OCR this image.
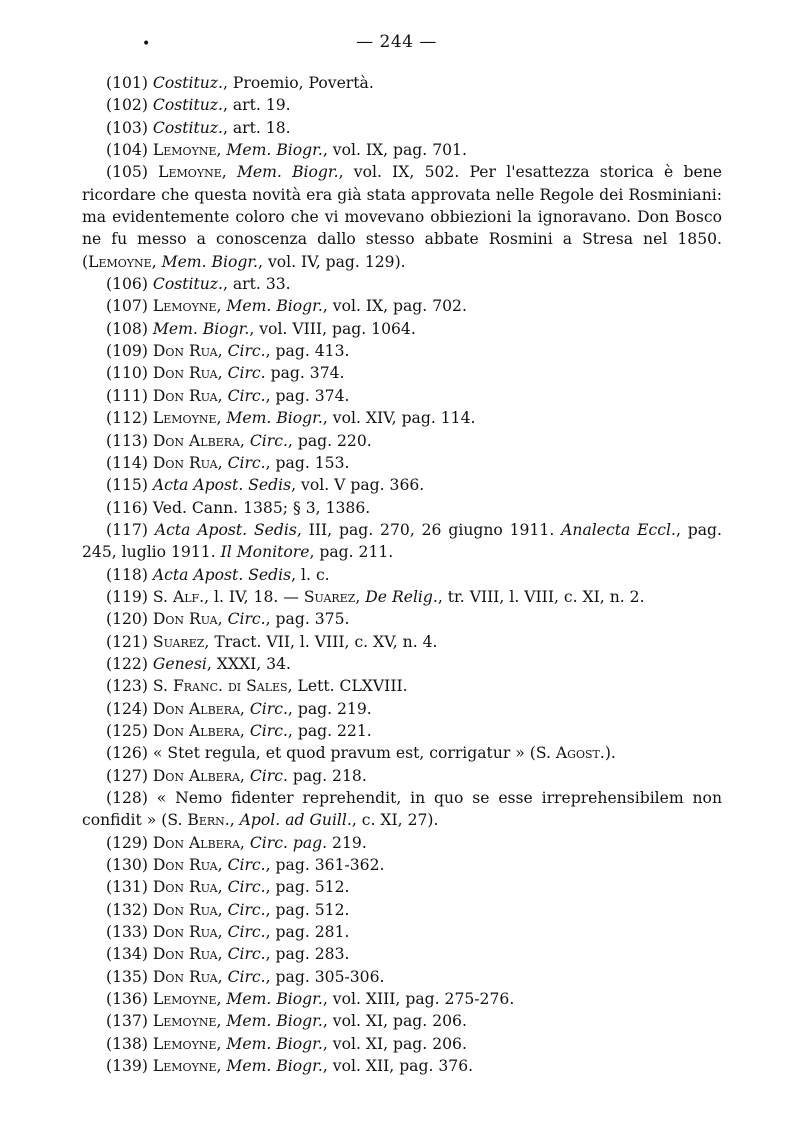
•	— 244 —

(101) Costituz., Proemio, Povertà.

(102) Costituz., art. 19.

(103) Costituz., art. 18.

(104) Lemoyne, Mem. Biogr., vol. IX, pag. 701.

(105) Lemoyne, Mem. Biogr., vol. IX, 502. Per l'esattezza storica è bene ricordare che questa novità era già stata approvata nelle Regole dei Rosminiani: ma evidentemente coloro che vi movevano obbiezioni la ignoravano. Don Bosco ne fu messo a conoscenza dallo stesso abbate Rosmini a Stresa nel 1850. (Lemoyne, Mem. Biogr., vol. IV, pag. 129).

(106) Costituz., art. 33.

(107) Lemoyne, Mem. Biogr., vol. IX, pag. 702.

(108) Mem. Biogr., vol. VIII, pag. 1064.

(109) Don Rua, Circ., pag. 413.

(110) Don Rua, Circ. pag. 374.

(111) Don Rua, Circ., pag. 374.

(112) Lemoyne, Mem. Biogr., vol. XIV, pag. 114.

(113) Don Albera, Circ., pag. 220.

(114) Don Rua, Circ., pag. 153.

(115) Acta Apost. Sedis, vol. V pag. 366.

(116) Ved. Cann. 1385; § 3, 1386.

(117) Acta Apost. Sedis, III, pag. 270, 26 giugno 1911. Analecta Eccl., pag. 245, luglio 1911. Il Monitore, pag. 211.

(118) Acta Apost. Sedis, l. c.

(119) S. Alf., l. IV, 18. — Suarez, De Relig., tr. VIII, l. VIII, c. XI, n. 2.

(120) Don Rua, Circ., pag. 375.

(121) Suarez, Tract. VII, l. VIII, c. XV, n. 4.

(122) Genesi, XXXI, 34.

(123) S. Franc. di Sales, Lett. CLXVIII.

(124) Don Albera, Circ., pag. 219.

(125) Don Albera, Circ., pag. 221.

(126) « Stet regula, et quod pravum est, corrigatur » (S. Agost.).

(127) Don Albera, Circ. pag. 218.

(128) « Nemo fidenter reprehendit, in quo se esse irreprehensibilem non confidit » (S. Bern., Apol. ad Guill., c. XI, 27).

(129) Don Albera, Circ. pag. 219.

(130) Don Rua, Circ., pag. 361-362.

(131) Don Rua, Circ., pag. 512.

(132) Don Rua, Circ., pag. 512.

(133) Don Rua, Circ., pag. 281.

(134) Don Rua, Circ., pag. 283.

(135) Don Rua, Circ., pag. 305-306.

(136) Lemoyne, Mem. Biogr., vol. XIII, pag. 275-276.

(137) Lemoyne, Mem. Biogr., vol. XI, pag. 206.

(138) Lemoyne, Mem. Biogr., vol. XI, pag. 206.

(139) Lemoyne, Mem. Biogr., vol. XII, pag. 376.
